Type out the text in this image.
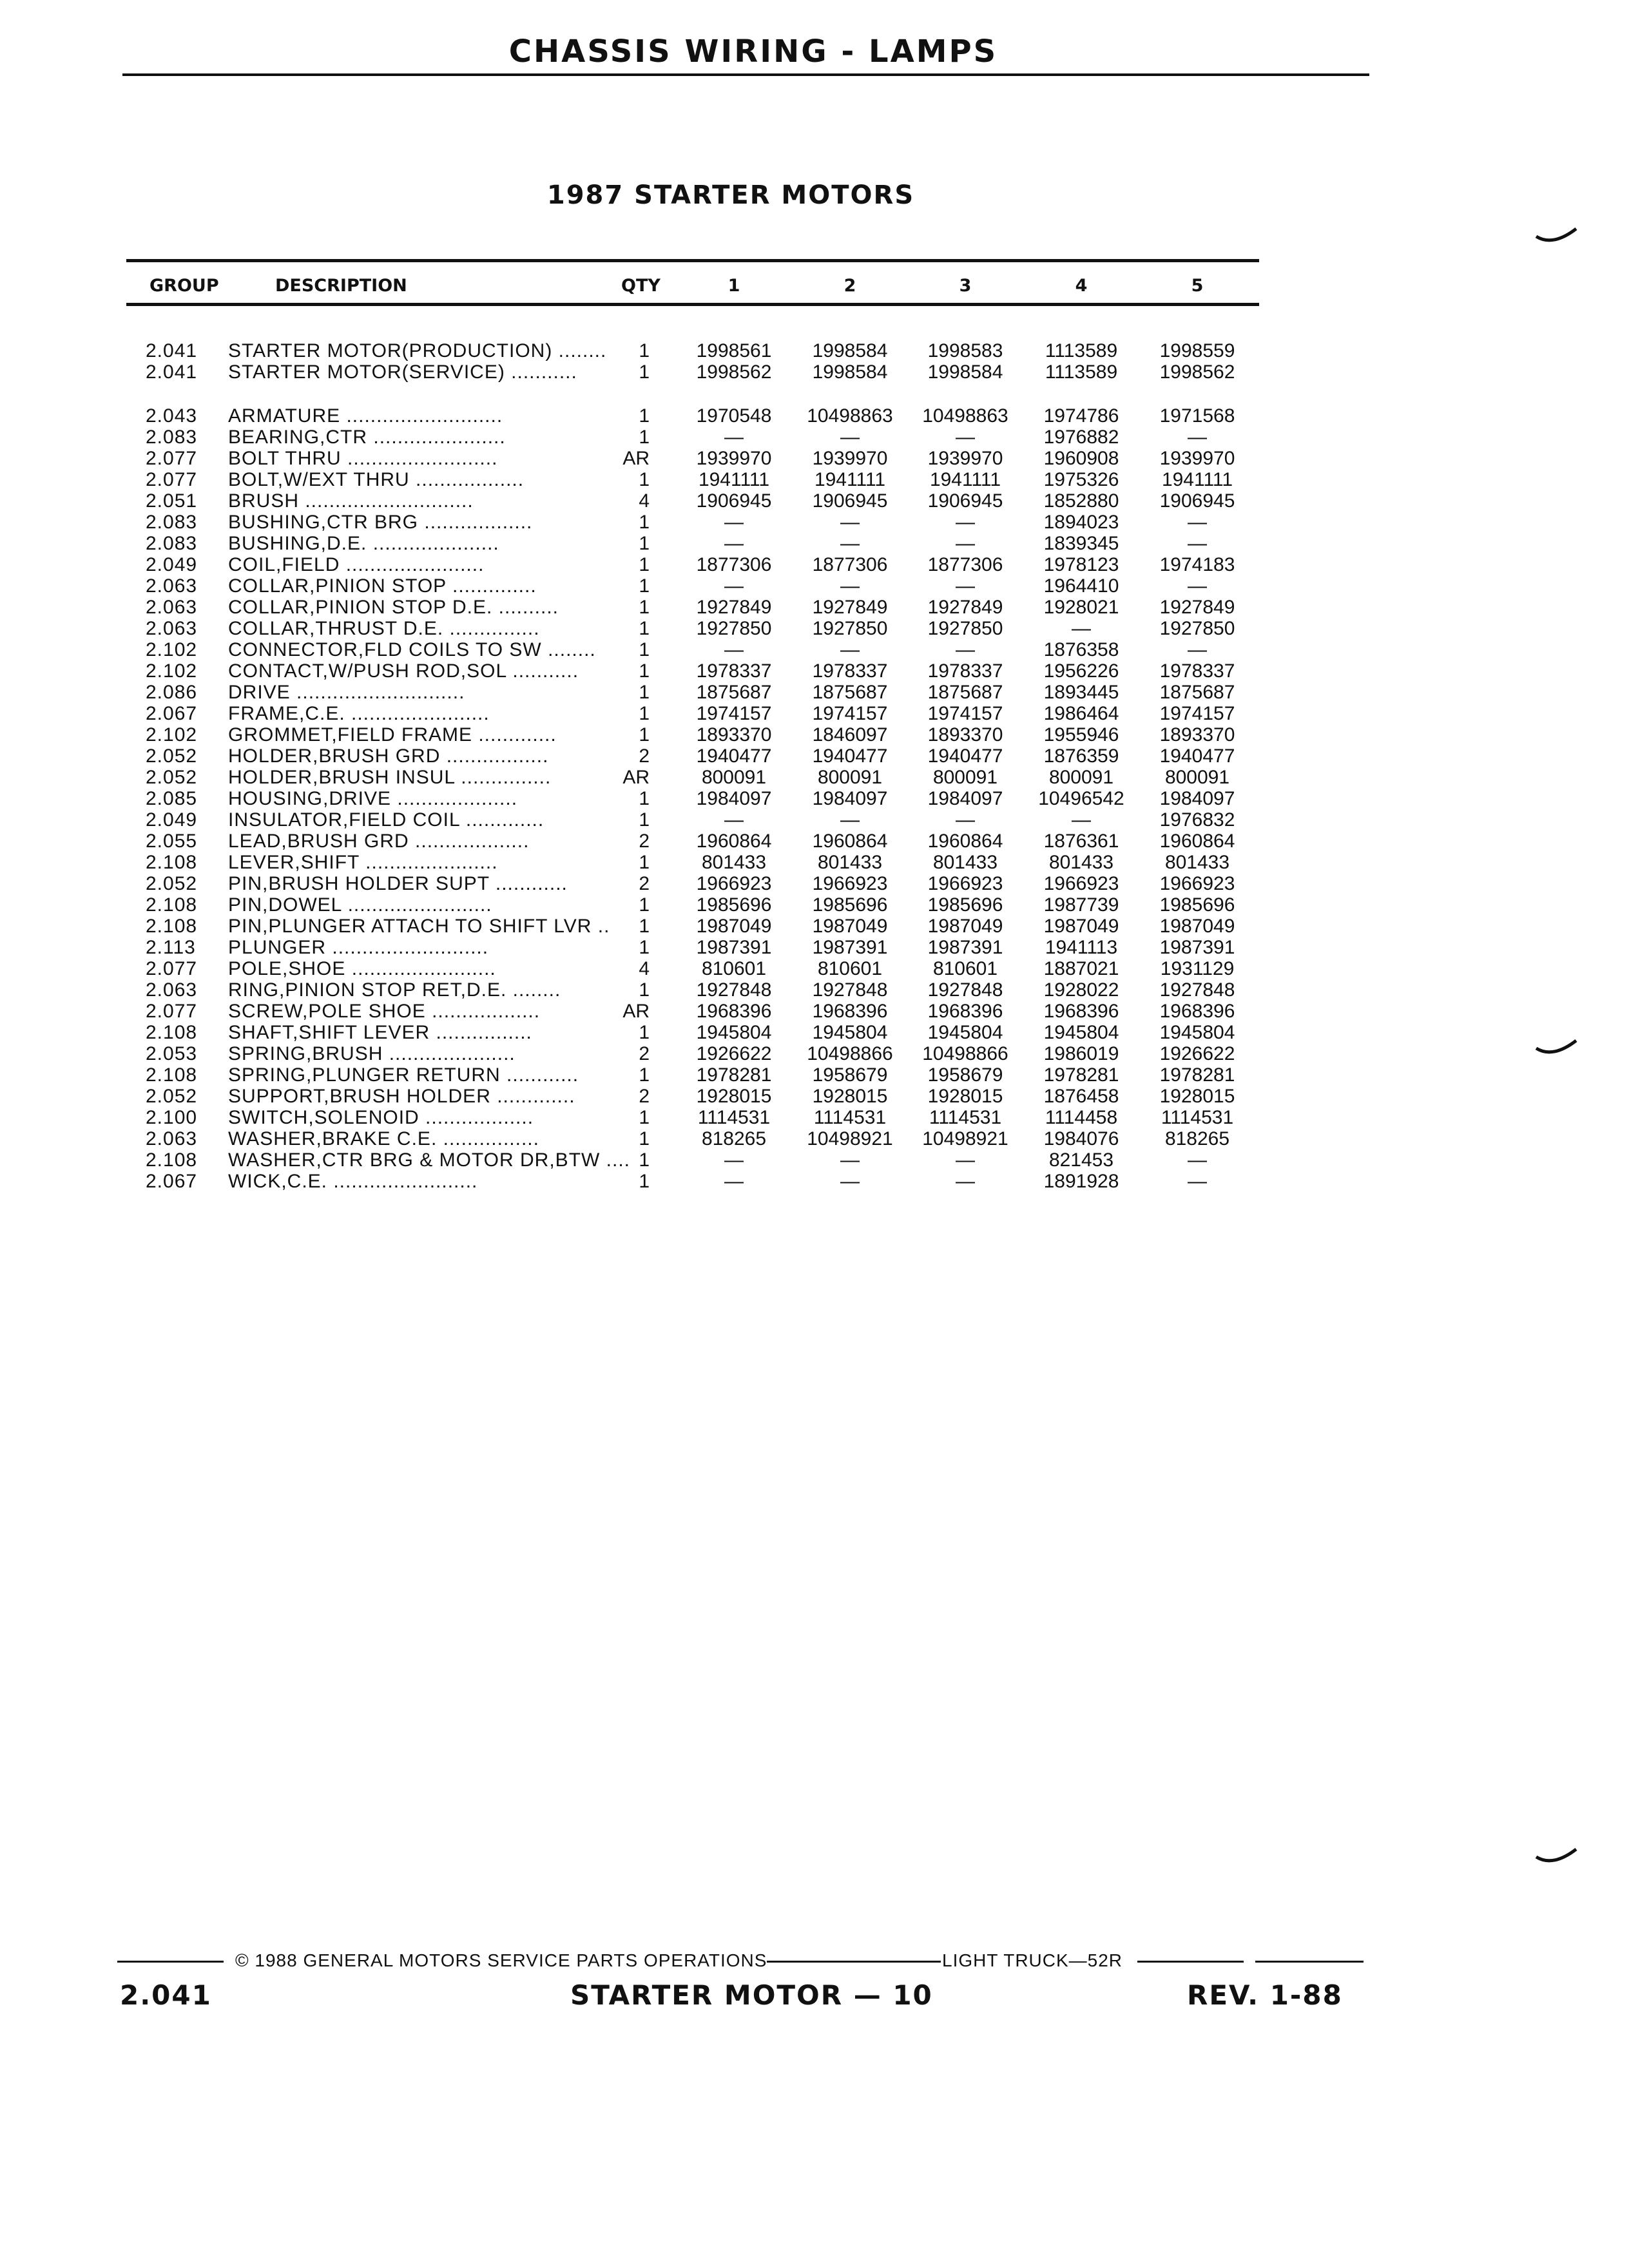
CHASSIS WIRING - LAMPS
1987 STARTER MOTORS
GROUP	DESCRIPTION	QTY	1	2	3	4	5
2.041 STARTER MOTOR(PRODUCTION) ........	1	1998561	1998584	1998583	1113589	1998559
2.041 STARTER MOTOR(SERVICE) ...........	1	1998562	1998584	1998584	1113589	1998562
2.043 ARMATURE ..........................	1	1970548	10498863	10498863	1974786	1971568
2.083 BEARING,CTR ......................	1	—	—	—	1976882	—
2.077 BOLT THRU .........................	AR	1939970	1939970	1939970	1960908	1939970
2.077 BOLT,W/EXT THRU ..................	1	1941111	1941111	1941111	1975326	1941111
2.051 BRUSH ............................	4	1906945	1906945	1906945	1852880	1906945
2.083 BUSHING,CTR BRG ..................	1	—	—	—	1894023	—
2.083 BUSHING,D.E. .....................	1	—	—	—	1839345	—
2.049 COIL,FIELD .......................	1	1877306	1877306	1877306	1978123	1974183
2.063 COLLAR,PINION STOP ..............	1	—	—	—	1964410	—
2.063 COLLAR,PINION STOP D.E. ..........	1	1927849	1927849	1927849	1928021	1927849
2.063 COLLAR,THRUST D.E. ...............	1	1927850	1927850	1927850	—	1927850
2.102 CONNECTOR,FLD COILS TO SW ........	1	—	—	—	1876358	—
2.102 CONTACT,W/PUSH ROD,SOL ...........	1	1978337	1978337	1978337	1956226	1978337
2.086 DRIVE ............................	1	1875687	1875687	1875687	1893445	1875687
2.067 FRAME,C.E. .......................	1	1974157	1974157	1974157	1986464	1974157
2.102 GROMMET,FIELD FRAME .............	1	1893370	1846097	1893370	1955946	1893370
2.052 HOLDER,BRUSH GRD .................	2	1940477	1940477	1940477	1876359	1940477
2.052 HOLDER,BRUSH INSUL ...............	AR	800091	800091	800091	800091	800091
2.085 HOUSING,DRIVE ....................	1	1984097	1984097	1984097	10496542	1984097
2.049 INSULATOR,FIELD COIL .............	1	—	—	—	—	1976832
2.055 LEAD,BRUSH GRD ...................	2	1960864	1960864	1960864	1876361	1960864
2.108 LEVER,SHIFT ......................	1	801433	801433	801433	801433	801433
2.052 PIN,BRUSH HOLDER SUPT ............	2	1966923	1966923	1966923	1966923	1966923
2.108 PIN,DOWEL ........................	1	1985696	1985696	1985696	1987739	1985696
2.108 PIN,PLUNGER ATTACH TO SHIFT LVR ..	1	1987049	1987049	1987049	1987049	1987049
2.113 PLUNGER ..........................	1	1987391	1987391	1987391	1941113	1987391
2.077 POLE,SHOE ........................	4	810601	810601	810601	1887021	1931129
2.063 RING,PINION STOP RET,D.E. ........	1	1927848	1927848	1927848	1928022	1927848
2.077 SCREW,POLE SHOE ..................	AR	1968396	1968396	1968396	1968396	1968396
2.108 SHAFT,SHIFT LEVER ................	1	1945804	1945804	1945804	1945804	1945804
2.053 SPRING,BRUSH .....................	2	1926622	10498866	10498866	1986019	1926622
2.108 SPRING,PLUNGER RETURN ............	1	1978281	1958679	1958679	1978281	1978281
2.052 SUPPORT,BRUSH HOLDER .............	2	1928015	1928015	1928015	1876458	1928015
2.100 SWITCH,SOLENOID ..................	1	1114531	1114531	1114531	1114458	1114531
2.063 WASHER,BRAKE C.E. ................	1	818265	10498921	10498921	1984076	818265
2.108 WASHER,CTR BRG & MOTOR DR,BTW .... 1	—	—	—	821453	—
2.067 WICK,C.E. ........................	1	—	—	—	1891928	—
© 1988 GENERAL MOTORS SERVICE PARTS OPERATIONS	LIGHT TRUCK—52R
2.041	STARTER MOTOR — 10	REV. 1-88
